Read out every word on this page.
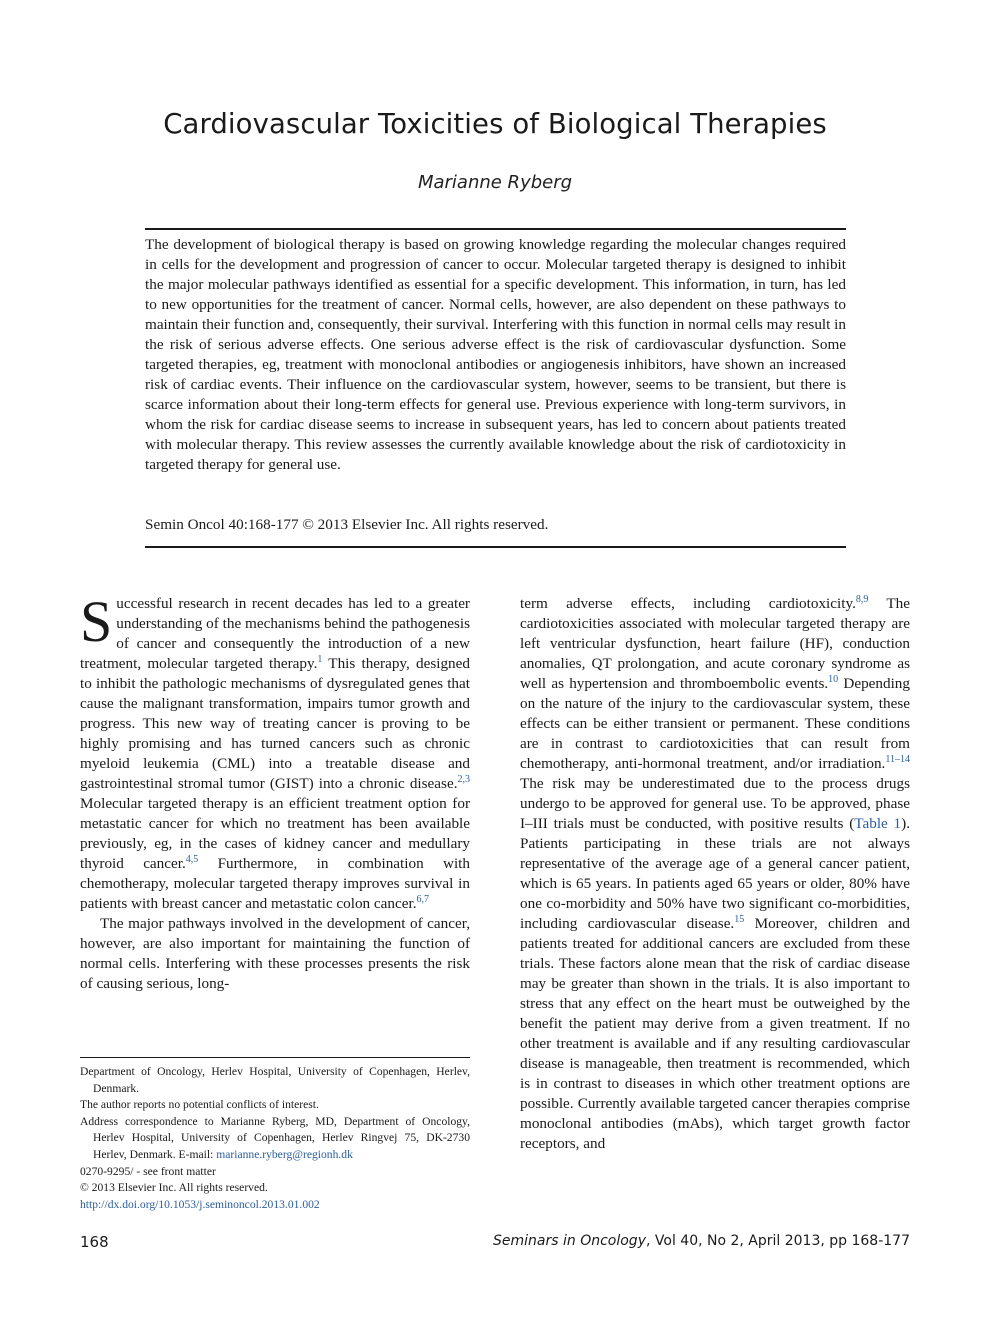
Cardiovascular Toxicities of Biological Therapies
Marianne Ryberg

The development of biological therapy is based on growing knowledge regarding the molecular changes required in cells for the development and progression of cancer to occur. Molecular targeted therapy is designed to inhibit the major molecular pathways identified as essential for a specific development. This information, in turn, has led to new opportunities for the treatment of cancer. Normal cells, however, are also dependent on these pathways to maintain their function and, consequently, their survival. Interfering with this function in normal cells may result in the risk of serious adverse effects. One serious adverse effect is the risk of cardiovascular dysfunction. Some targeted therapies, eg, treatment with monoclonal antibodies or angiogenesis inhibitors, have shown an increased risk of cardiac events. Their influence on the cardiovascular system, however, seems to be transient, but there is scarce information about their long-term effects for general use. Previous experience with long-term survivors, in whom the risk for cardiac disease seems to increase in subsequent years, has led to concern about patients treated with molecular therapy. This review assesses the currently available knowledge about the risk of cardiotoxicity in targeted therapy for general use.

Semin Oncol 40:168-177 © 2013 Elsevier Inc. All rights reserved.

Successful research in recent decades has led to a greater understanding of the mechanisms behind the pathogenesis of cancer and consequently the introduction of a new treatment, molecular targeted therapy.$^1$ This therapy, designed to inhibit the pathologic mechanisms of dysregulated genes that cause the malignant transformation, impairs tumor growth and progress. This new way of treating cancer is proving to be highly promising and has turned cancers such as chronic myeloid leukemia (CML) into a treatable disease and gastrointestinal stromal tumor (GIST) into a chronic disease.$^{2,3}$ Molecular targeted therapy is an efficient treatment option for metastatic cancer for which no treatment has been available previously, eg, in the cases of kidney cancer and medullary thyroid cancer.$^{4,5}$ Furthermore, in combination with chemotherapy, molecular targeted therapy improves survival in patients with breast cancer and metastatic colon cancer.$^{6,7}$

The major pathways involved in the development of cancer, however, are also important for maintaining the function of normal cells. Interfering with these processes presents the risk of causing serious, long-

term adverse effects, including cardiotoxicity.$^{8,9}$ The cardiotoxicities associated with molecular targeted therapy are left ventricular dysfunction, heart failure (HF), conduction anomalies, QT prolongation, and acute coronary syndrome as well as hypertension and thromboembolic events.$^{10}$ Depending on the nature of the injury to the cardiovascular system, these effects can be either transient or permanent. These conditions are in contrast to cardiotoxicities that can result from chemotherapy, anti-hormonal treatment, and/or irradiation.$^{11-14}$ The risk may be underestimated due to the process drugs undergo to be approved for general use. To be approved, phase I–III trials must be conducted, with positive results (Table 1). Patients participating in these trials are not always representative of the average age of a general cancer patient, which is 65 years. In patients aged 65 years or older, 80% have one co-morbidity and 50% have two significant co-morbidities, including cardiovascular disease.$^{15}$ Moreover, children and patients treated for additional cancers are excluded from these trials. These factors alone mean that the risk of cardiac disease may be greater than shown in the trials. It is also important to stress that any effect on the heart must be outweighed by the benefit the patient may derive from a given treatment. If no other treatment is available and if any resulting cardiovascular disease is manageable, then treatment is recommended, which is in contrast to diseases in which other treatment options are possible. Currently available targeted cancer therapies comprise monoclonal antibodies (mAbs), which target growth factor receptors, and

Department of Oncology, Herlev Hospital, University of Copenhagen, Herlev, Denmark.

The author reports no potential conflicts of interest.

Address correspondence to Marianne Ryberg, MD, Department of Oncology, Herlev Hospital, University of Copenhagen, Herlev Ringvej 75, DK-2730 Herlev, Denmark. E-mail: marianne.ryberg@regionh.dk

0270-9295/ - see front matter

© 2013 Elsevier Inc. All rights reserved.

http://dx.doi.org/10.1053/j.seminoncol.2013.01.002

168	Seminars in Oncology, Vol 40, No 2, April 2013, pp 168-177
